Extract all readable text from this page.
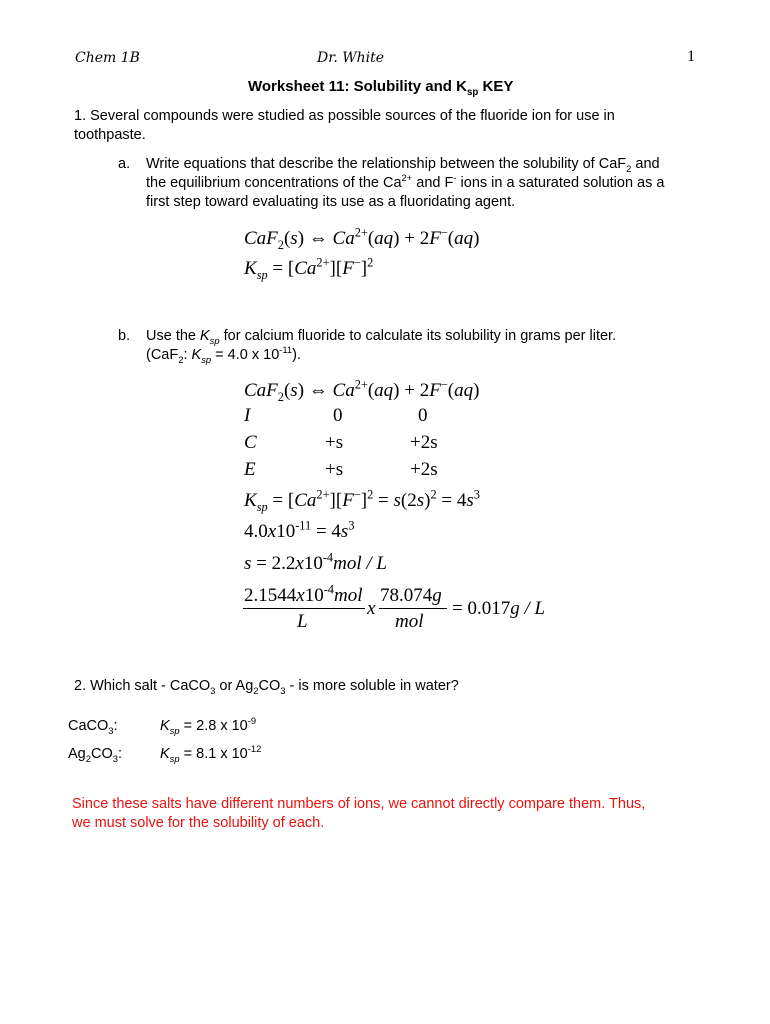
Chem 1B	Dr. White	1
Worksheet 11: Solubility and $K_{sp}$ KEY
1. Several compounds were studied as possible sources of the fluoride ion for use in
toothpaste.
a. Write equations that describe the relationship between the solubility of CaF$_2$ and
the equilibrium concentrations of the $Ca^{2+}$ and F- ions in a saturated solution as a
first step toward evaluating its use as a fluoridating agent.
CaF$_2$(s) ⇔ $Ca^{2+}(aq) + 2F^-(aq)$
$K_{sp} = [Ca^{2+}][F^-]^2$
b. Use the $K_{sp}$ for calcium fluoride to calculate its solubility in grams per liter.
(CaF$_2$: $K_{sp} = 4.0$ x $10^{-11}$).
CaF$_2$(s) ⇔ $Ca^{2+}(aq) + 2F^-(aq)$
I	0	0
C	+s	+2s
E	+s	+2s
$K_{sp} = [Ca^{2+}][F^-]^2 = s(2s)^2 = 4s^3$
$4.0x10^{-11} = 4s^3$
$s = 2.2x10^{-4}mol / L$
$2.1544x10^{-4}mol$
L
x
78.074g
mol
= 0.017g / L
2. Which salt - CaCO$_3$ or $Ag_2CO_3$ - is more soluble in water?
CaCO$_3$:	$K_{sp} = 2.8$ x $10^{-9}$
$Ag_2CO_3$:	$K_{sp} = 8.1$ x $10^{-12}$
Since these salts have different numbers of ions, we cannot directly compare them. Thus,
we must solve for the solubility of each.
